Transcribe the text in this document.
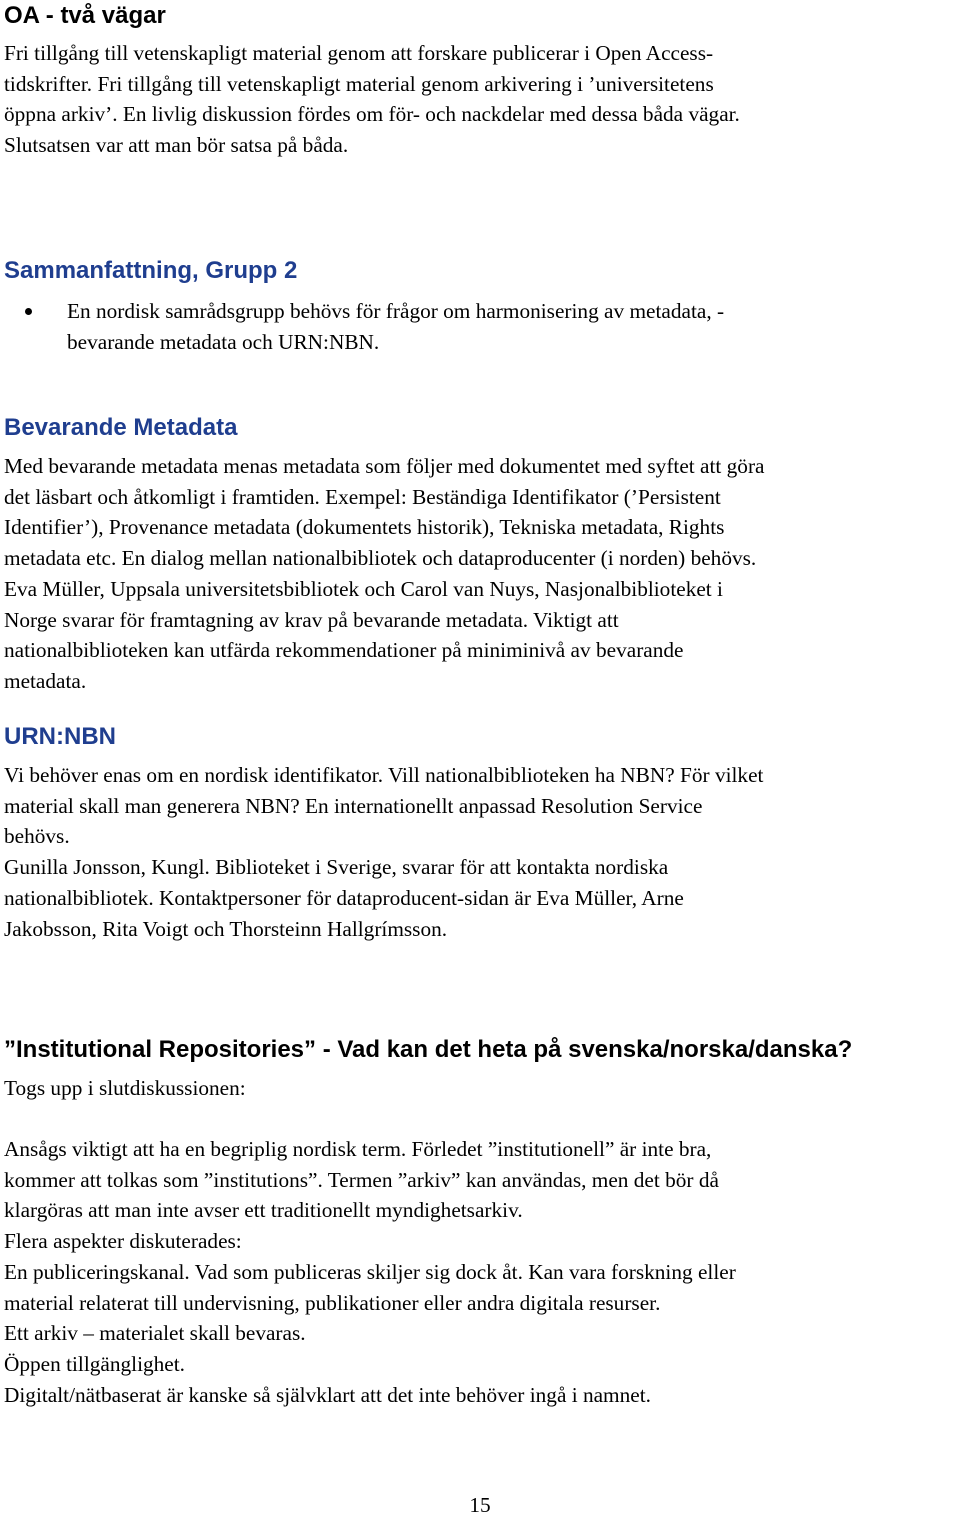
OA - två vägar

Fri tillgång till vetenskapligt material genom att forskare publicerar i Open Access-
tidskrifter. Fri tillgång till vetenskapligt material genom arkivering i ’universitetens
öppna arkiv’. En livlig diskussion fördes om för- och nackdelar med dessa båda vägar.
Slutsatsen var att man bör satsa på båda.

Sammanfattning, Grupp 2
En nordisk samrådsgrupp behövs för frågor om harmonisering av metadata, -
bevarande metadata och URN:NBN.
Bevarande Metadata

Med bevarande metadata menas metadata som följer med dokumentet med syftet att göra
det läsbart och åtkomligt i framtiden. Exempel: Beständiga Identifikator (’Persistent
Identifier’), Provenance metadata (dokumentets historik), Tekniska metadata, Rights
metadata etc. En dialog mellan nationalbibliotek och dataproducenter (i norden) behövs.
Eva Müller, Uppsala universitetsbibliotek och Carol van Nuys, Nasjonalbiblioteket i
Norge svarar för framtagning av krav på bevarande metadata. Viktigt att
nationalbiblioteken kan utfärda rekommendationer på miniminivå av bevarande
metadata.

URN:NBN

Vi behöver enas om en nordisk identifikator. Vill nationalbiblioteken ha NBN? För vilket
material skall man generera NBN? En internationellt anpassad Resolution Service
behövs.
Gunilla Jonsson, Kungl. Biblioteket i Sverige, svarar för att kontakta nordiska
nationalbibliotek. Kontaktpersoner för dataproducent-sidan är Eva Müller, Arne
Jakobsson, Rita Voigt och Thorsteinn Hallgrímsson.

”Institutional Repositories” - Vad kan det heta på svenska/norska/danska?

Togs upp i slutdiskussionen:

Ansågs viktigt att ha en begriplig nordisk term. Förledet ”institutionell” är inte bra,
kommer att tolkas som ”institutions”. Termen ”arkiv” kan användas, men det bör då
klargöras att man inte avser ett traditionellt myndighetsarkiv.
Flera aspekter diskuterades:
En publiceringskanal. Vad som publiceras skiljer sig dock åt. Kan vara forskning eller
material relaterat till undervisning, publikationer eller andra digitala resurser.
Ett arkiv – materialet skall bevaras.
Öppen tillgänglighet.
Digitalt/nätbaserat är kanske så självklart att det inte behöver ingå i namnet.

15
